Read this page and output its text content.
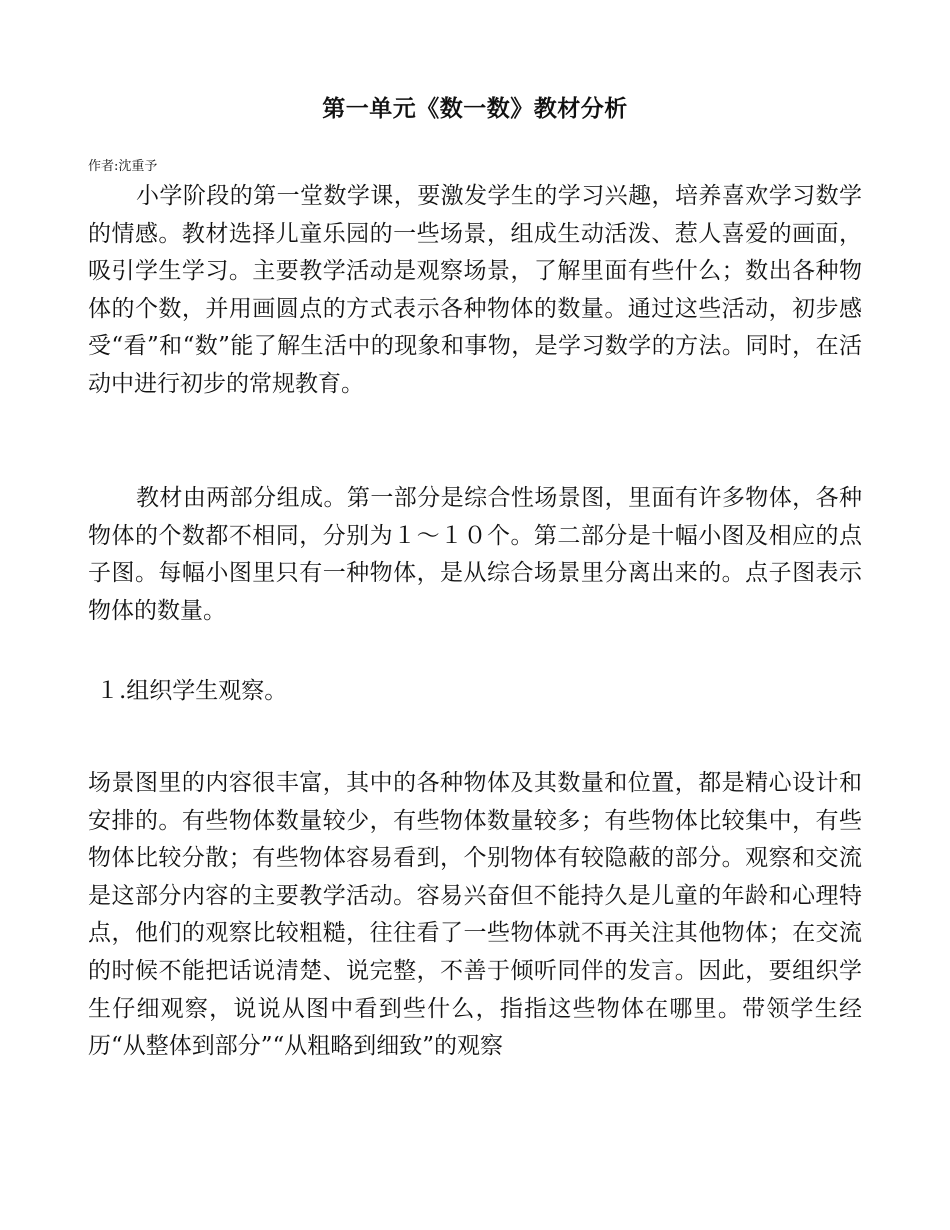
第一单元《数一数》教材分析

作者:沈重予

小学阶段的第一堂数学课，要激发学生的学习兴趣，培养喜欢学习数学的情感。教材选择儿童乐园的一些场景，组成生动活泼、惹人喜爱的画面，吸引学生学习。主要教学活动是观察场景，了解里面有些什么；数出各种物体的个数，并用画圆点的方式表示各种物体的数量。通过这些活动，初步感受“看”和“数”能了解生活中的现象和事物，是学习数学的方法。同时，在活动中进行初步的常规教育。

教材由两部分组成。第一部分是综合性场景图，里面有许多物体，各种物体的个数都不相同，分别为１～１０个。第二部分是十幅小图及相应的点子图。每幅小图里只有一种物体，是从综合场景里分离出来的。点子图表示物体的数量。

１.组织学生观察。

场景图里的内容很丰富，其中的各种物体及其数量和位置，都是精心设计和安排的。有些物体数量较少，有些物体数量较多；有些物体比较集中，有些物体比较分散；有些物体容易看到，个别物体有较隐蔽的部分。观察和交流是这部分内容的主要教学活动。容易兴奋但不能持久是儿童的年龄和心理特点，他们的观察比较粗糙，往往看了一些物体就不再关注其他物体；在交流的时候不能把话说清楚、说完整，不善于倾听同伴的发言。因此，要组织学生仔细观察，说说从图中看到些什么，指指这些物体在哪里。带领学生经历“从整体到部分”“从粗略到细致”的观察
